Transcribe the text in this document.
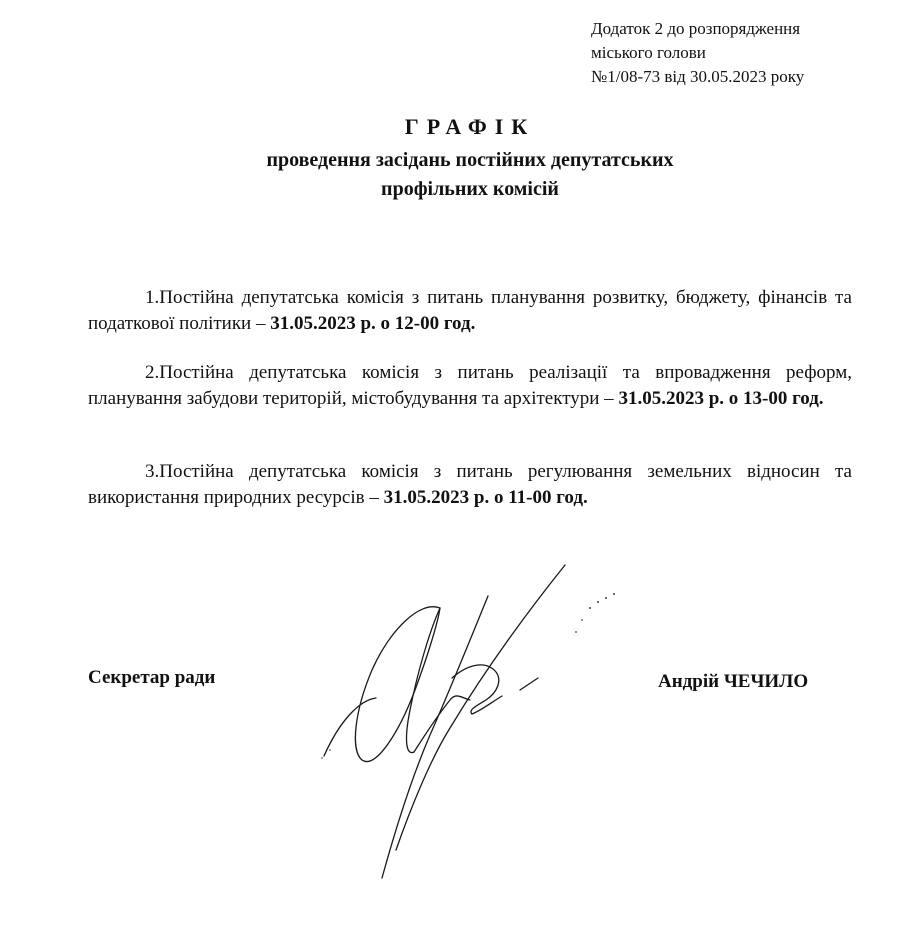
Додаток 2 до розпорядження
міського голови
№1/08-73 від 30.05.2023 року
ГРАФІК
проведення засідань постійних депутатських
профільних комісій
1.Постійна депутатська комісія з питань планування розвитку, бюджету, фінансів та податкової політики – 31.05.2023 р. о 12-00 год.
2.Постійна депутатська комісія з питань реалізації та впровадження реформ, планування забудови територій, містобудування та архітектури – 31.05.2023 р. о 13-00 год.
3.Постійна депутатська комісія з питань регулювання земельних відносин та використання природних ресурсів – 31.05.2023 р. о 11-00 год.
Секретар ради	Андрій ЧЕЧИЛО
